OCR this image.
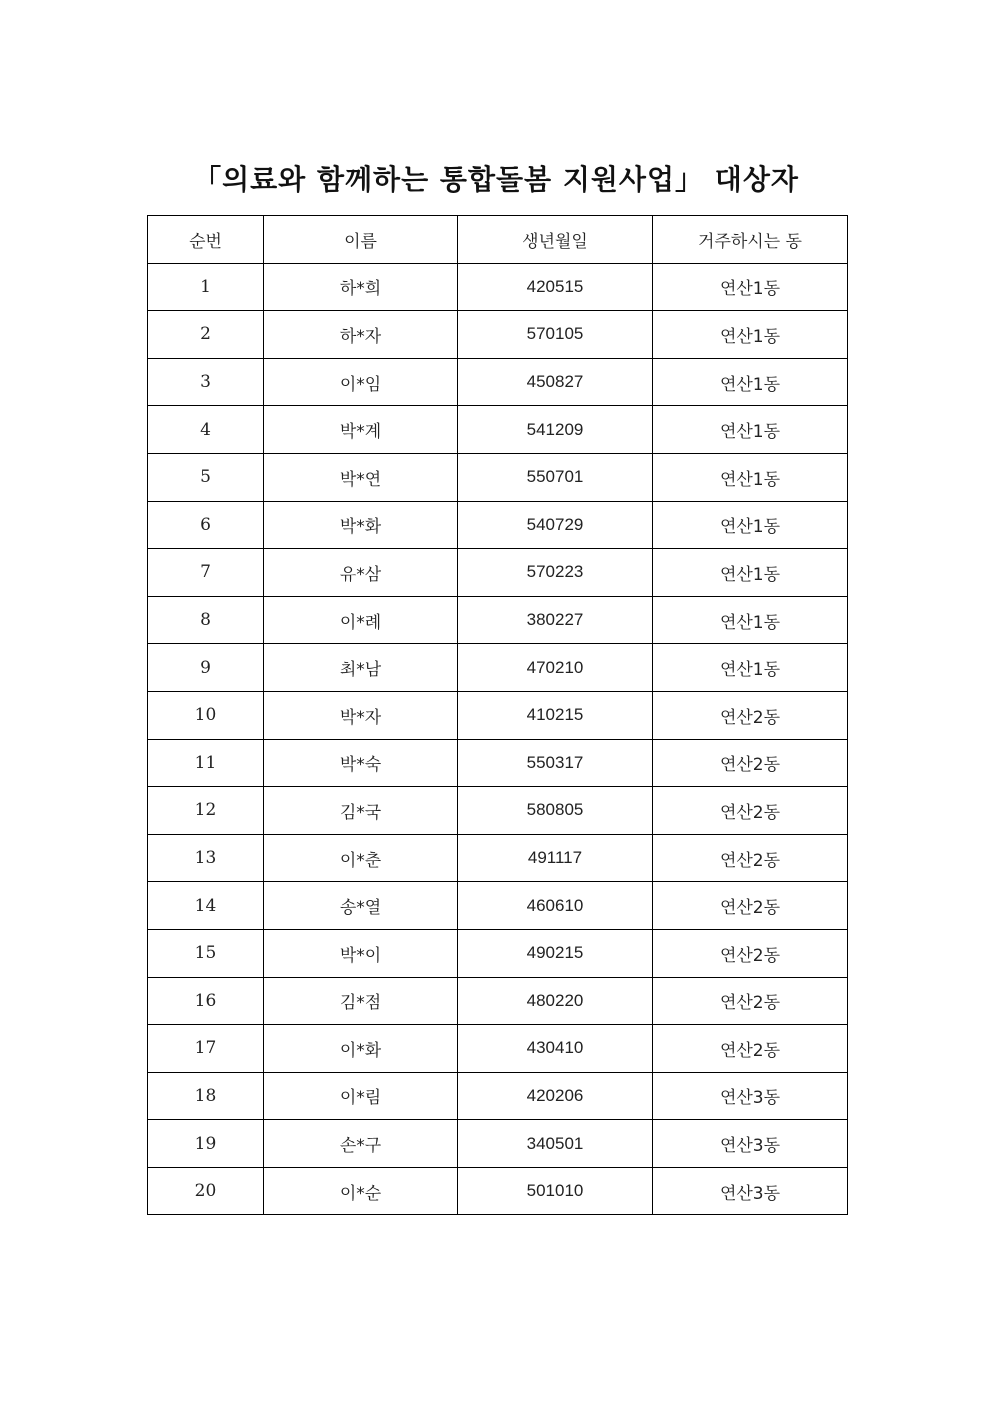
「의료와 함께하는 통합돌봄 지원사업」 대상자
순번	이름	생년월일	거주하시는 동
1	하*희	420515	연산1동
2	하*자	570105	연산1동
3	이*임	450827	연산1동
4	박*계	541209	연산1동
5	박*연	550701	연산1동
6	박*화	540729	연산1동
7	유*삼	570223	연산1동
8	이*례	380227	연산1동
9	최*남	470210	연산1동
10	박*자	410215	연산2동
11	박*숙	550317	연산2동
12	김*국	580805	연산2동
13	이*춘	491117	연산2동
14	송*열	460610	연산2동
15	박*이	490215	연산2동
16	김*점	480220	연산2동
17	이*화	430410	연산2동
18	이*림	420206	연산3동
19	손*구	340501	연산3동
20	이*순	501010	연산3동
